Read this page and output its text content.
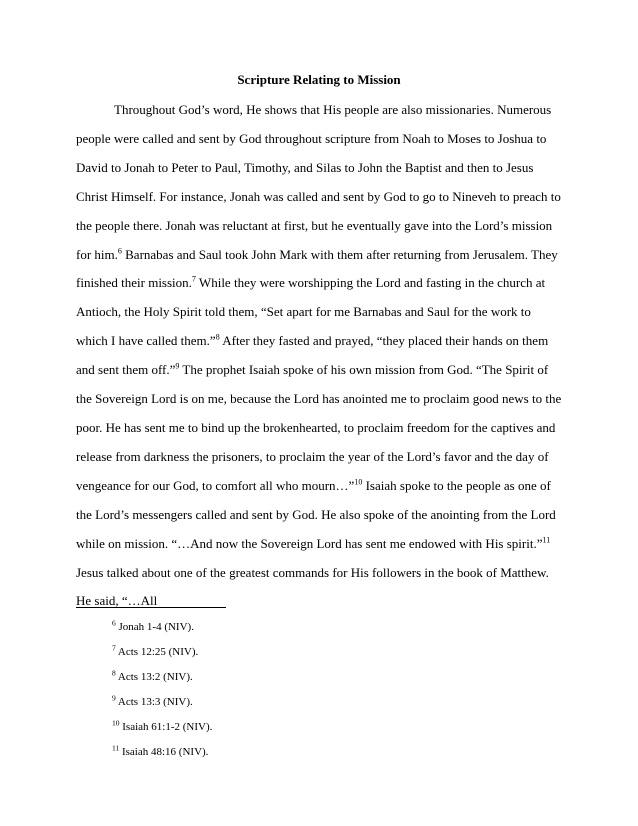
Scripture Relating to Mission

Throughout God’s word, He shows that His people are also missionaries. Numerous people were called and sent by God throughout scripture from Noah to Moses to Joshua to David to Jonah to Peter to Paul, Timothy, and Silas to John the Baptist and then to Jesus Christ Himself. For instance, Jonah was called and sent by God to go to Nineveh to preach to the people there. Jonah was reluctant at first, but he eventually gave into the Lord’s mission for him.$^6$ Barnabas and Saul took John Mark with them after returning from Jerusalem. They finished their mission.$^7$ While they were worshipping the Lord and fasting in the church at Antioch, the Holy Spirit told them, “Set apart for me Barnabas and Saul for the work to which I have called them.”$^8$ After they fasted and prayed, “they placed their hands on them and sent them off.”$^9$ The prophet Isaiah spoke of his own mission from God. “The Spirit of the Sovereign Lord is on me, because the Lord has anointed me to proclaim good news to the poor. He has sent me to bind up the brokenhearted, to proclaim freedom for the captives and release from darkness the prisoners, to proclaim the year of the Lord’s favor and the day of vengeance for our God, to comfort all who mourn…”$^{10}$ Isaiah spoke to the people as one of the Lord’s messengers called and sent by God. He also spoke of the anointing from the Lord while on mission. “…And now the Sovereign Lord has sent me endowed with His spirit.”$^{11}$ Jesus talked about one of the greatest commands for His followers in the book of Matthew. He said, “…All

$^6$ Jonah 1-4 (NIV).
$^7$ Acts 12:25 (NIV).
$^8$ Acts 13:2 (NIV).
$^9$ Acts 13:3 (NIV).
$^{10}$ Isaiah 61:1-2 (NIV).
$^{11}$ Isaiah 48:16 (NIV).
